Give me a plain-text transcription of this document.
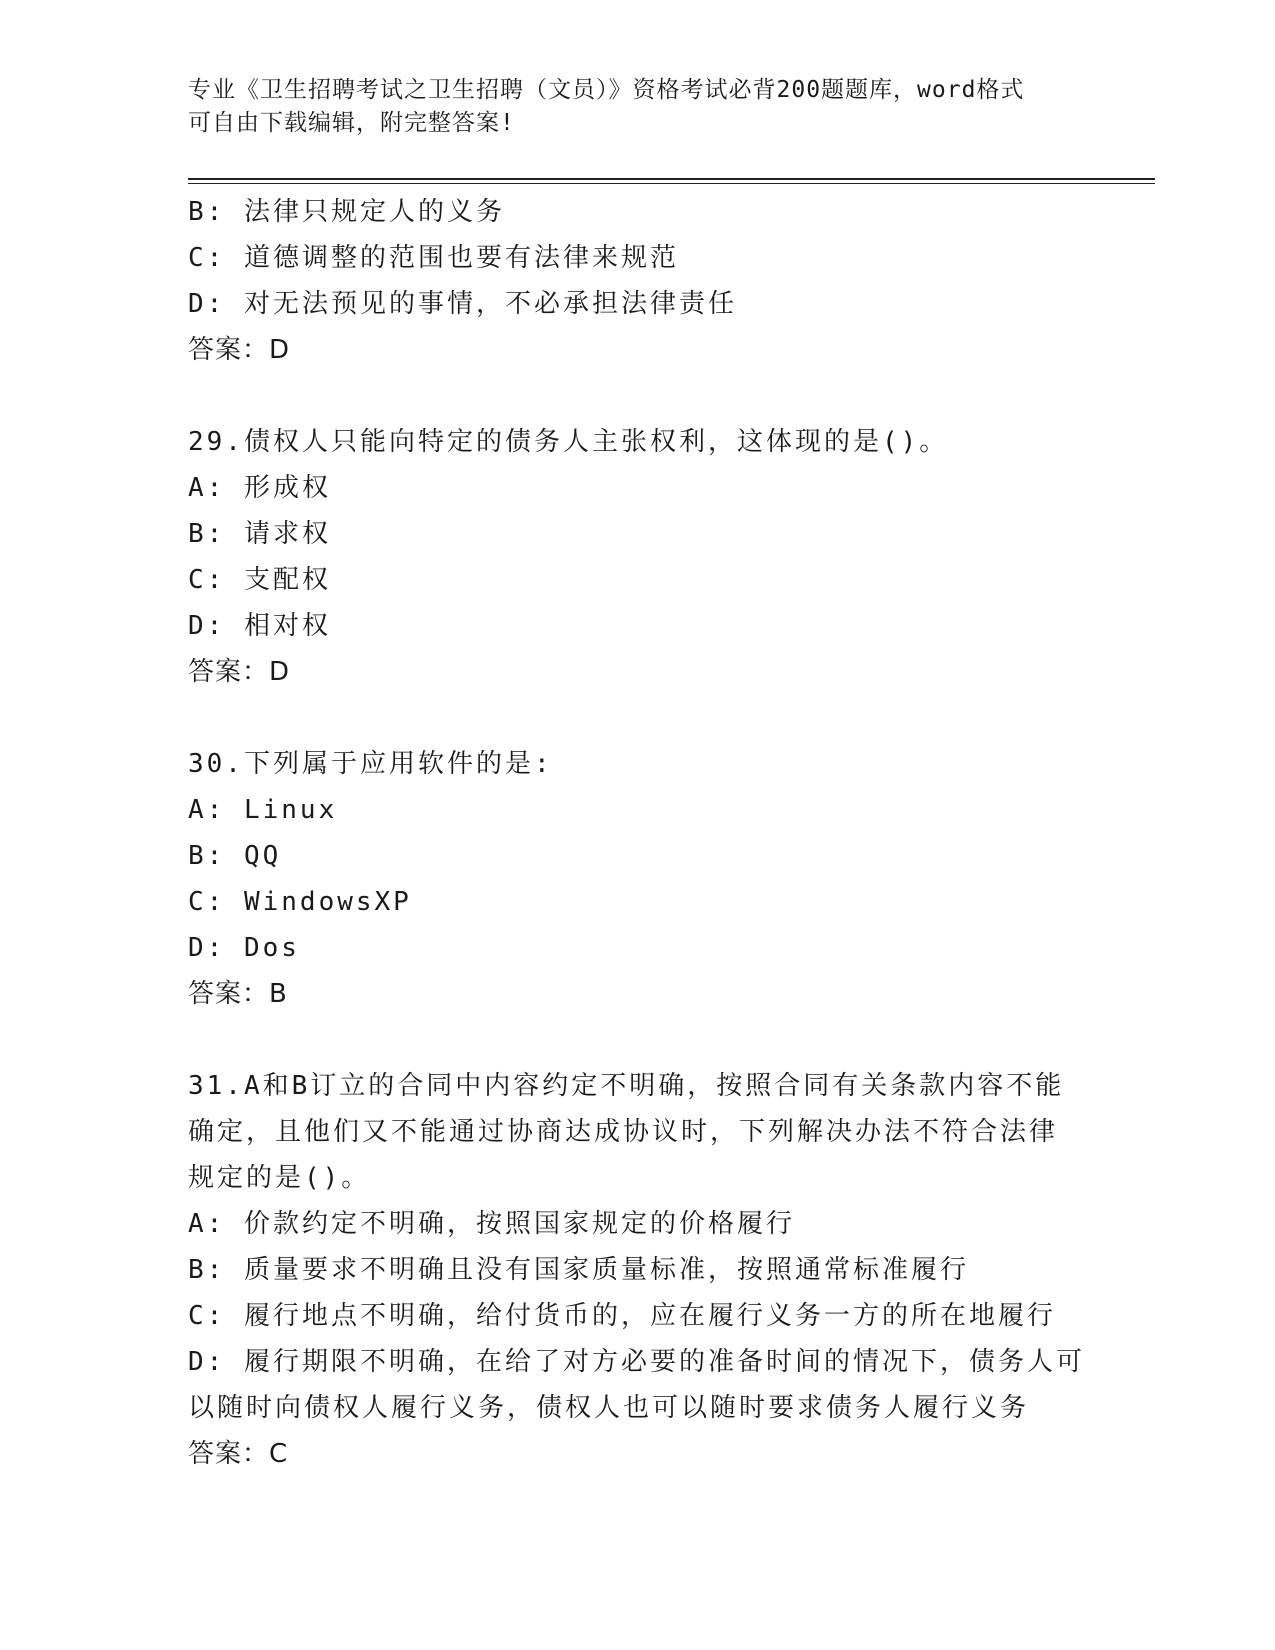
专业《卫生招聘考试之卫生招聘（文员）》资格考试必背200题题库，word格式
可自由下载编辑，附完整答案!
B: 法律只规定人的义务
C: 道德调整的范围也要有法律来规范
D: 对无法预见的事情，不必承担法律责任
答案：D
29.债权人只能向特定的债务人主张权利，这体现的是()。
A: 形成权
B: 请求权
C: 支配权
D: 相对权
答案：D
30.下列属于应用软件的是:
A: Linux
B: QQ
C: WindowsXP
D: Dos
答案：B
31.A和B订立的合同中内容约定不明确，按照合同有关条款内容不能
确定，且他们又不能通过协商达成协议时，下列解决办法不符合法律
规定的是()。
A: 价款约定不明确，按照国家规定的价格履行
B: 质量要求不明确且没有国家质量标准，按照通常标准履行
C: 履行地点不明确，给付货币的，应在履行义务一方的所在地履行
D: 履行期限不明确，在给了对方必要的准备时间的情况下，债务人可
以随时向债权人履行义务，债权人也可以随时要求债务人履行义务
答案：C
